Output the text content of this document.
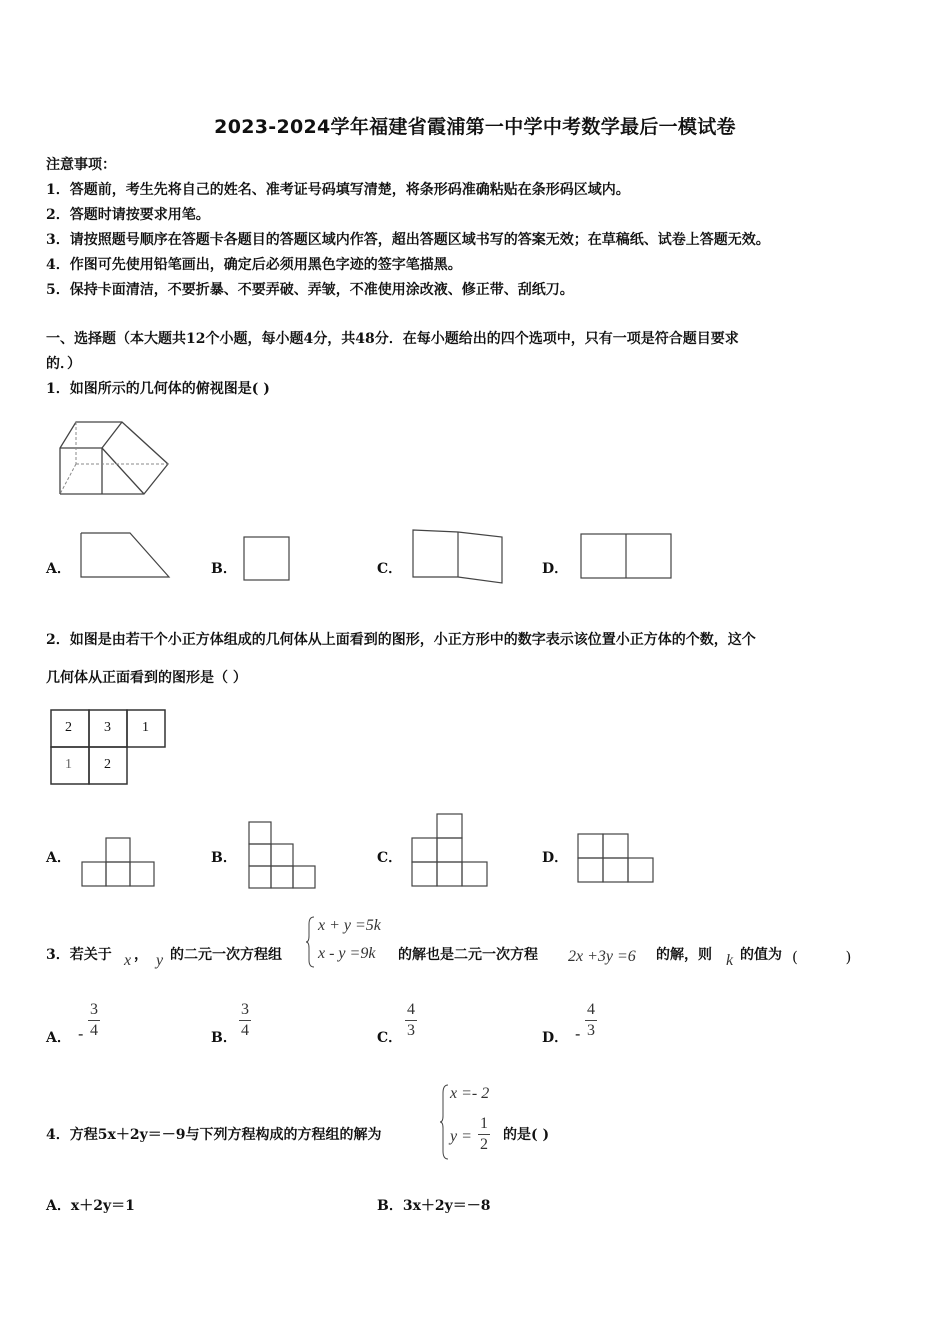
2023-2024学年福建省霞浦第一中学中考数学最后一模试卷
注意事项：
1．答题前，考生先将自己的姓名、准考证号码填写清楚，将条形码准确粘贴在条形码区域内。
2．答题时请按要求用笔。
3．请按照题号顺序在答题卡各题目的答题区域内作答，超出答题区域书写的答案无效；在草稿纸、试卷上答题无效。
4．作图可先使用铅笔画出，确定后必须用黑色字迹的签字笔描黑。
5．保持卡面清洁，不要折暴、不要弄破、弄皱，不准使用涂改液、修正带、刮纸刀。
一、选择题（本大题共12个小题，每小题4分，共48分．在每小题给出的四个选项中，只有一项是符合题目要求
的．）
1．如图所示的几何体的俯视图是( )
A．	B．	C．	D．
2．如图是由若干个小正方体组成的几何体从上面看到的图形，小正方形中的数字表示该位置小正方体的个数，这个
几何体从正面看到的图形是（ ）
2 3 1
1 2
A．	B．	C．	D．
3．若关于 x ， y 的二元一次方程组
x + y =5k
x - y =9k 的解也是二元一次方程 2x +3y =6 的解，则 k 的值为 (          )
A． - $\frac{3}{4}$	B． $\frac{3}{4}$	C． $\frac{4}{3}$	D． - $\frac{4}{3}$
4．方程5x＋2y＝－9与下列方程构成的方程组的解为
x =- 2
$y = \frac{1}{2}$ 的是( )
A．x＋2y＝1	B．3x＋2y＝－8
